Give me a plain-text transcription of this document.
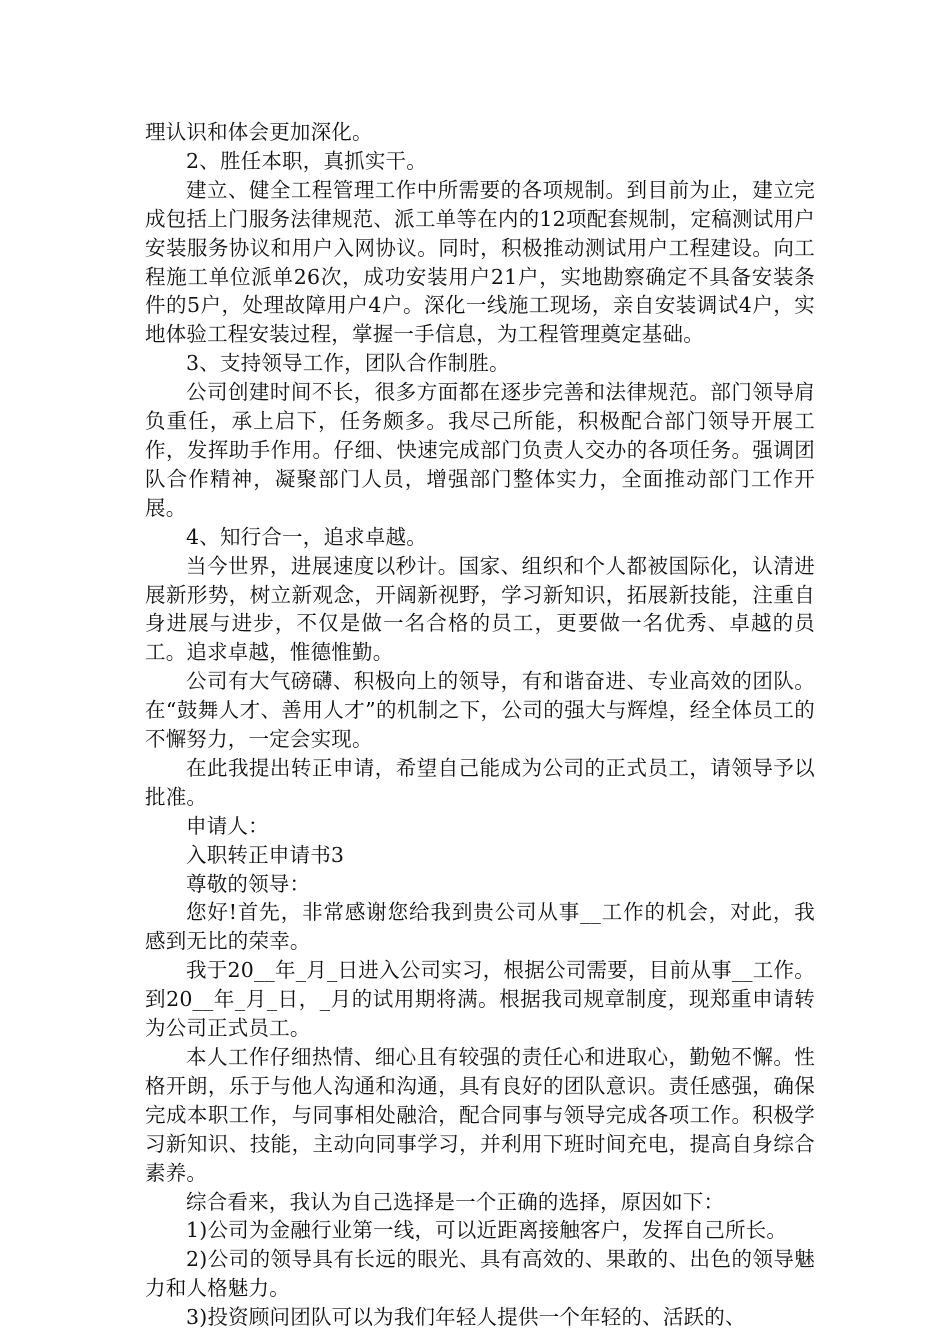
理认识和体会更加深化。

2、胜任本职，真抓实干。

建立、健全工程管理工作中所需要的各项规制。到目前为止，建立完成包括上门服务法律规范、派工单等在内的12项配套规制，定稿测试用户安装服务协议和用户入网协议。同时，积极推动测试用户工程建设。向工程施工单位派单26次，成功安装用户21户，实地勘察确定不具备安装条件的5户，处理故障用户4户。深化一线施工现场，亲自安装调试4户，实地体验工程安装过程，掌握一手信息，为工程管理奠定基础。

3、支持领导工作，团队合作制胜。

公司创建时间不长，很多方面都在逐步完善和法律规范。部门领导肩负重任，承上启下，任务颇多。我尽己所能，积极配合部门领导开展工作，发挥助手作用。仔细、快速完成部门负责人交办的各项任务。强调团队合作精神，凝聚部门人员，增强部门整体实力，全面推动部门工作开展。

4、知行合一，追求卓越。

当今世界，进展速度以秒计。国家、组织和个人都被国际化，认清进展新形势，树立新观念，开阔新视野，学习新知识，拓展新技能，注重自身进展与进步，不仅是做一名合格的员工，更要做一名优秀、卓越的员工。追求卓越，惟德惟勤。

公司有大气磅礴、积极向上的领导，有和谐奋进、专业高效的团队。在“鼓舞人才、善用人才”的机制之下，公司的强大与辉煌，经全体员工的不懈努力，一定会实现。

在此我提出转正申请，希望自己能成为公司的正式员工，请领导予以批准。

申请人：

入职转正申请书3

尊敬的领导：

您好!首先，非常感谢您给我到贵公司从事__工作的机会，对此，我感到无比的荣幸。

我于20__年_月_日进入公司实习，根据公司需要，目前从事__工作。到20__年_月_日，_月的试用期将满。根据我司规章制度，现郑重申请转为公司正式员工。

本人工作仔细热情、细心且有较强的责任心和进取心，勤勉不懈。性格开朗，乐于与他人沟通和沟通，具有良好的团队意识。责任感强，确保完成本职工作，与同事相处融洽，配合同事与领导完成各项工作。积极学习新知识、技能，主动向同事学习，并利用下班时间充电，提高自身综合素养。

综合看来，我认为自己选择是一个正确的选择，原因如下：

1)公司为金融行业第一线，可以近距离接触客户，发挥自己所长。

2)公司的领导具有长远的眼光、具有高效的、果敢的、出色的领导魅力和人格魅力。

3)投资顾问团队可以为我们年轻人提供一个年轻的、活跃的、
